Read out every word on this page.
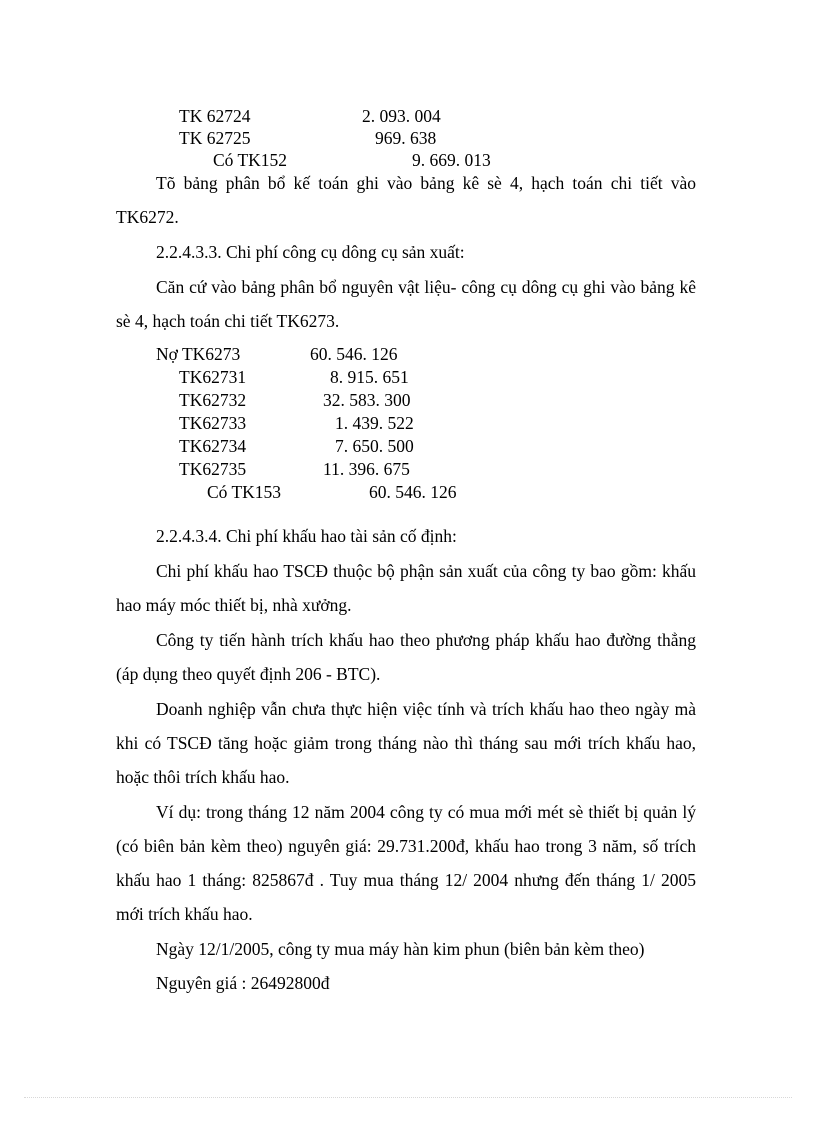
TK 62724	2. 093. 004
TK 62725	969. 638
Có TK152	9. 669. 013

Tõ bảng phân bổ kế toán ghi vào bảng kê sè 4, hạch toán chi tiết vào TK6272.

2.2.4.3.3. Chi phí công cụ dông cụ sản xuất:

Căn cứ vào bảng phân bổ nguyên vật liệu- công cụ dông cụ ghi vào bảng kê sè 4, hạch toán chi tiết TK6273.

Nợ TK6273	60. 546. 126
TK62731	8. 915. 651
TK62732	32. 583. 300
TK62733	1. 439. 522
TK62734	7. 650. 500
TK62735	11. 396. 675
Có TK153	60. 546. 126
2.2.4.3.4. Chi phí khấu hao tài sản cố định:

Chi phí khấu hao TSCĐ thuộc bộ phận sản xuất của công ty bao gồm: khấu hao máy móc thiết bị, nhà xưởng.

Công ty tiến hành trích khấu hao theo phương pháp khấu hao đường thẳng (áp dụng theo quyết định 206 - BTC).

Doanh nghiệp vẫn chưa thực hiện việc tính và trích khấu hao theo ngày mà khi có TSCĐ tăng hoặc giảm trong tháng nào thì tháng sau mới trích khấu hao, hoặc thôi trích khấu hao.

Ví dụ: trong tháng 12 năm 2004 công ty có mua mới mét sè thiết bị quản lý (có biên bản kèm theo) nguyên giá: 29.731.200đ, khấu hao trong 3 năm, số trích khấu hao 1 tháng: 825867đ . Tuy mua tháng 12/ 2004 nhưng đến tháng 1/ 2005 mới trích khấu hao.

Ngày 12/1/2005, công ty mua máy hàn kim phun (biên bản kèm theo)
Nguyên giá : 26492800đ
